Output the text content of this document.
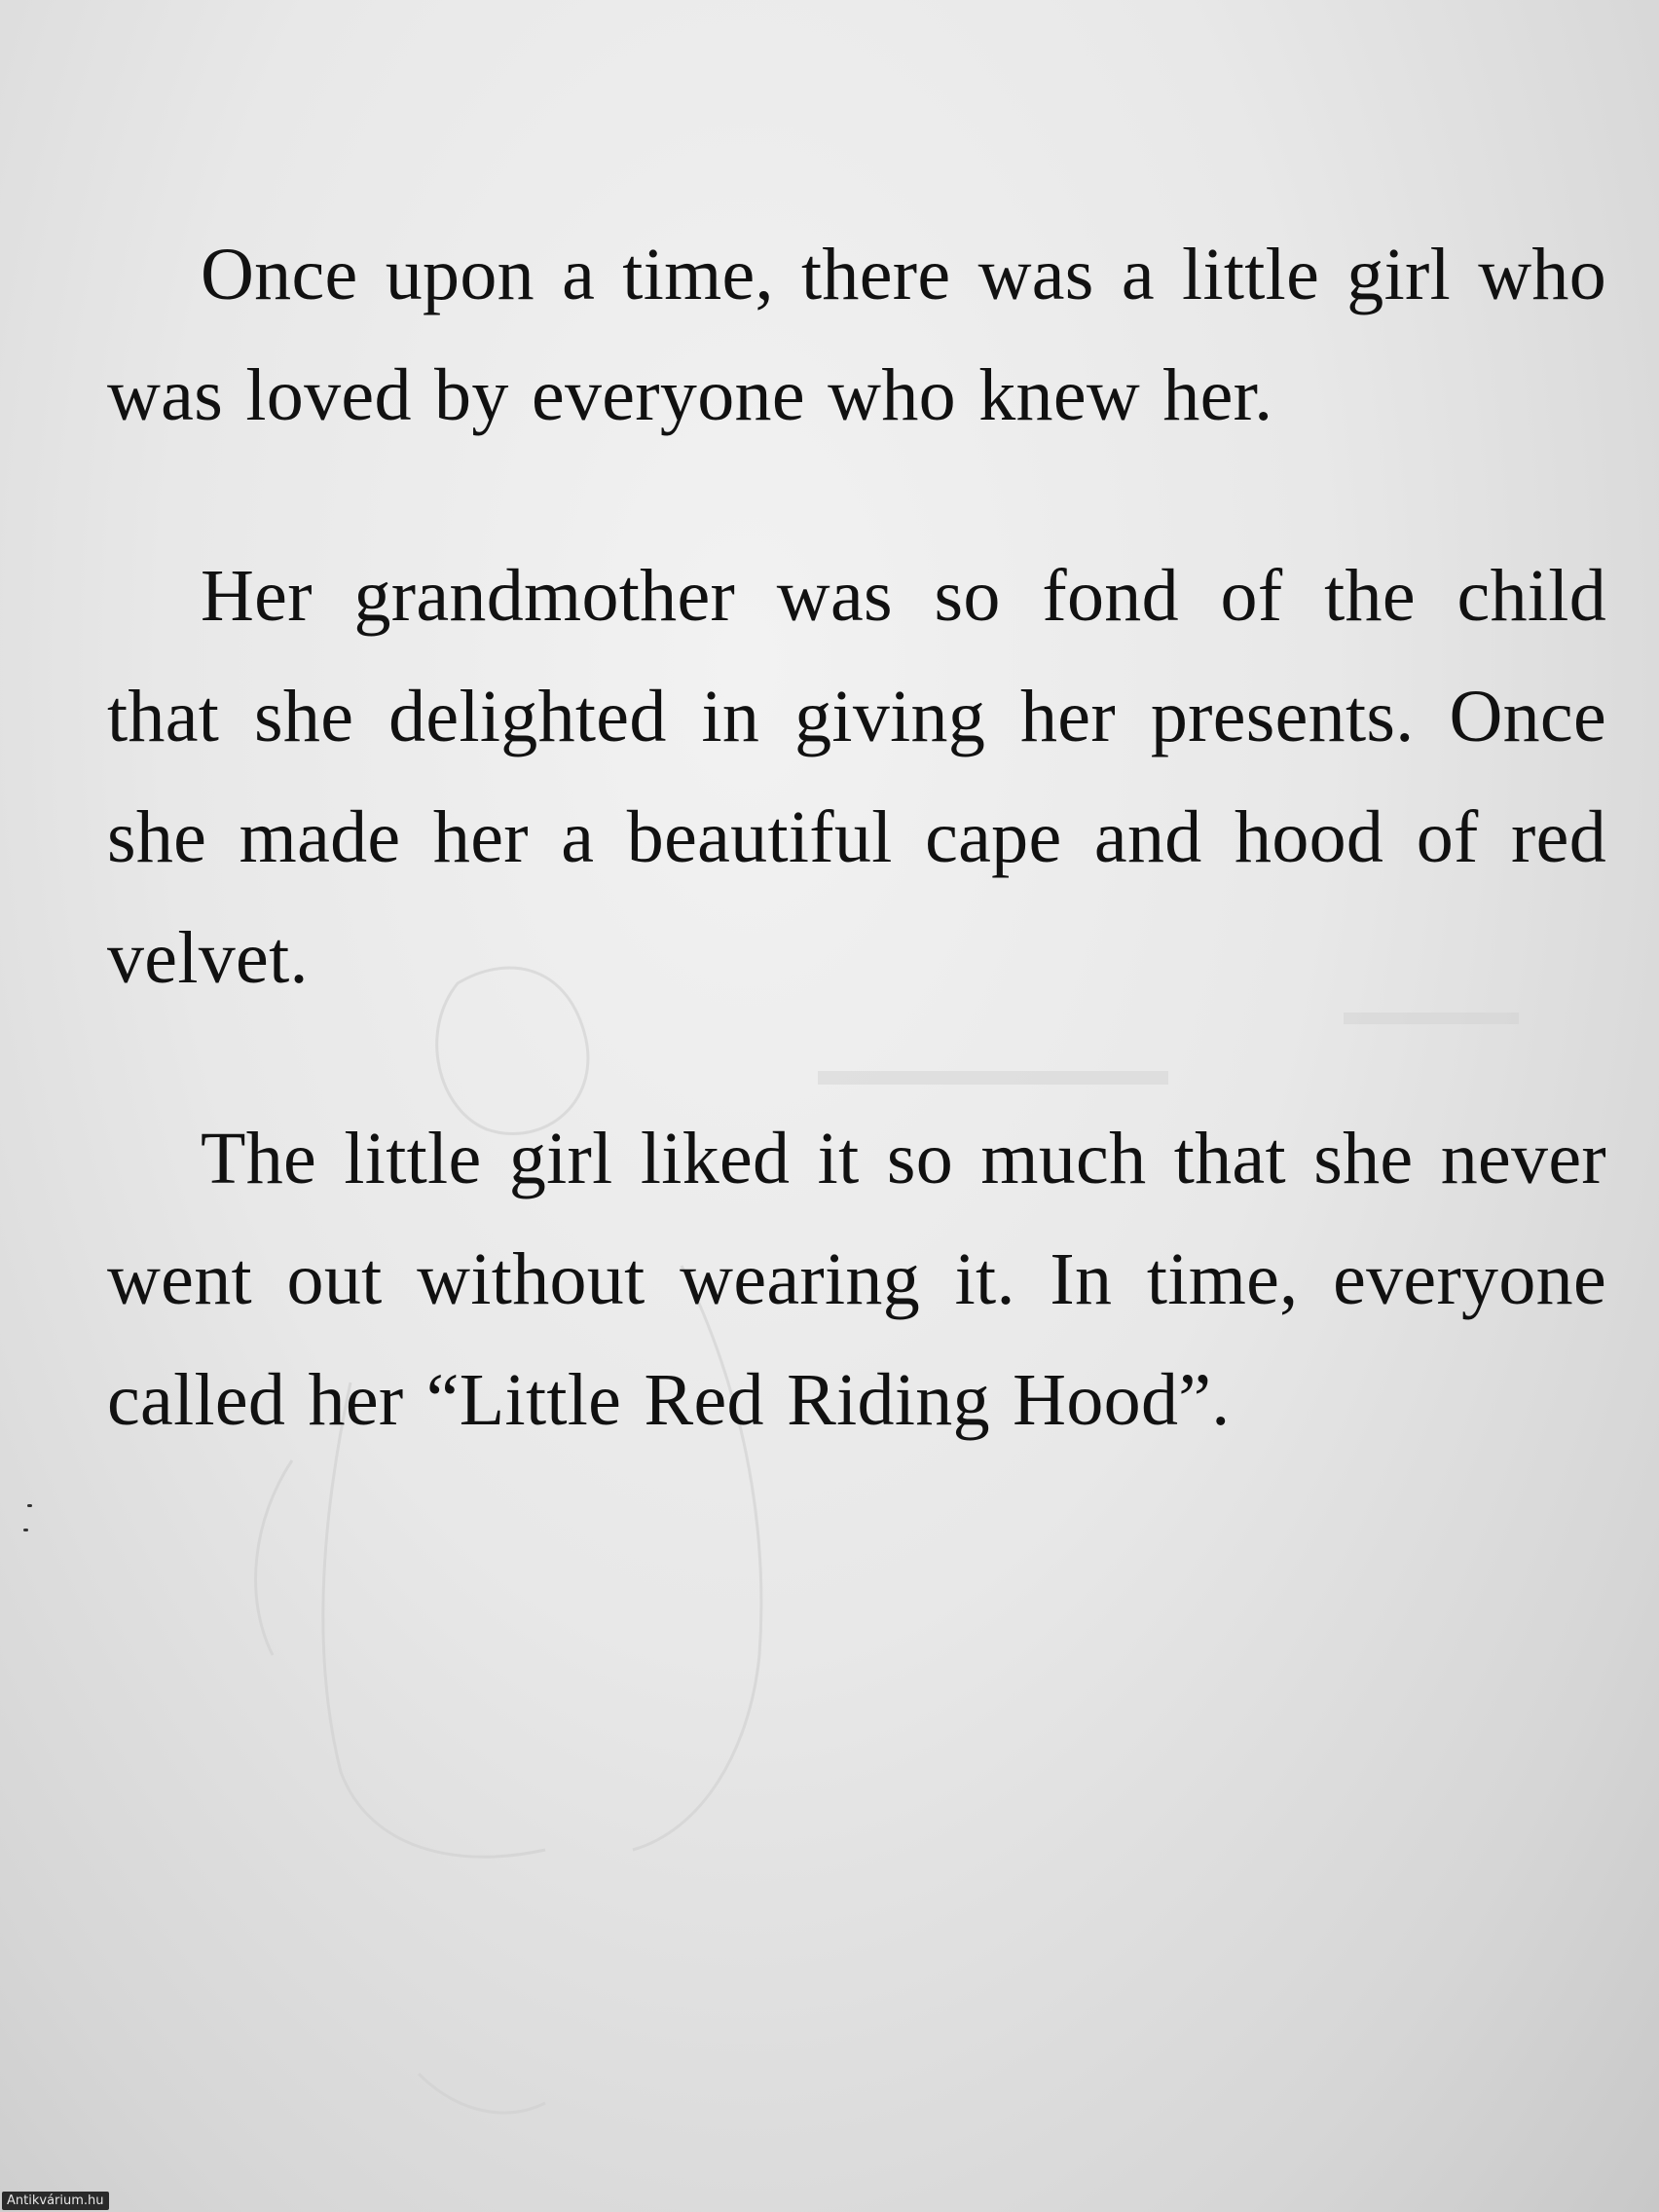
Once upon a time, there was a little girl who
was loved by everyone who knew her.

Her grandmother was so fond of the child
that she delighted in giving her presents. Once
she made her a beautiful cape and hood of red
velvet.

The little girl liked it so much that she never
went out without wearing it. In time, everyone
called her “Little Red Riding Hood”.

Antikvárium.hu
